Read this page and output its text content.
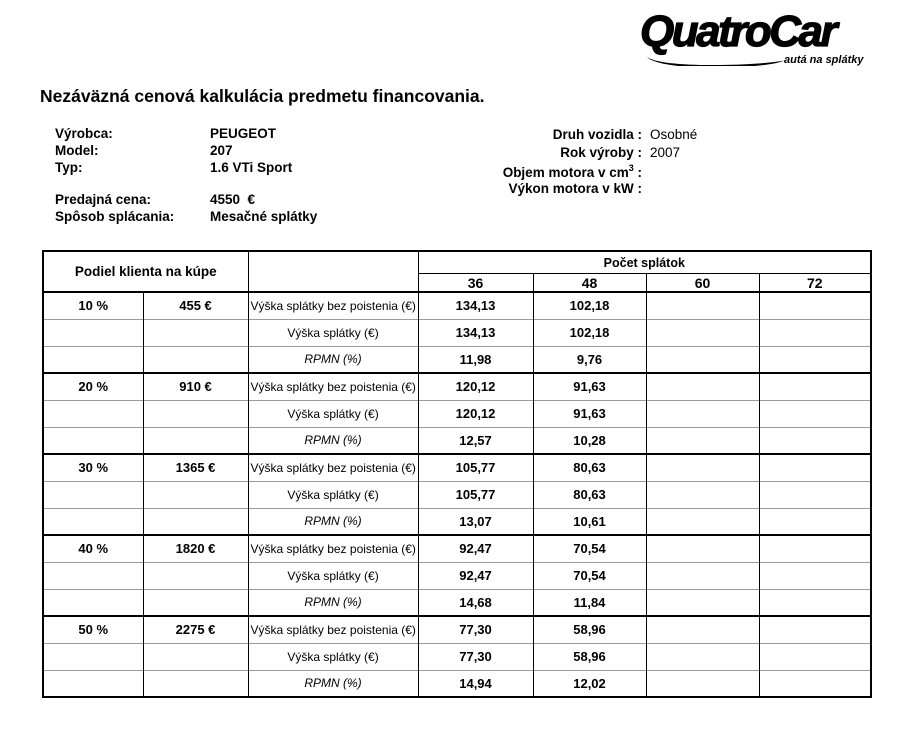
QuatroCar
autá na splátky
Nezáväzná cenová kalkulácia predmetu financovania.
Výrobca:	PEUGEOT
Model:	207
Typ:	1.6 VTi Sport
Predajná cena:	4550  €
Spôsob splácania:	Mesačné splátky
Druh vozidla : Osobné
Rok výroby : 2007
Objem motora v $cm^3$ :
Výkon motora v kW :
Podiel klienta na kúpe			Počet splátok			
			36	48	60	72
10 %	455 €	Výška splátky bez poistenia (€)	134,13	102,18		
		Výška splátky (€)	134,13	102,18		
		RPMN (%)	11,98	9,76		
20 %	910 €	Výška splátky bez poistenia (€)	120,12	91,63		
		Výška splátky (€)	120,12	91,63		
		RPMN (%)	12,57	10,28		
30 %	1365 €	Výška splátky bez poistenia (€)	105,77	80,63		
		Výška splátky (€)	105,77	80,63		
		RPMN (%)	13,07	10,61		
40 %	1820 €	Výška splátky bez poistenia (€)	92,47	70,54		
		Výška splátky (€)	92,47	70,54		
		RPMN (%)	14,68	11,84		
50 %	2275 €	Výška splátky bez poistenia (€)	77,30	58,96		
		Výška splátky (€)	77,30	58,96		
		RPMN (%)	14,94	12,02		
